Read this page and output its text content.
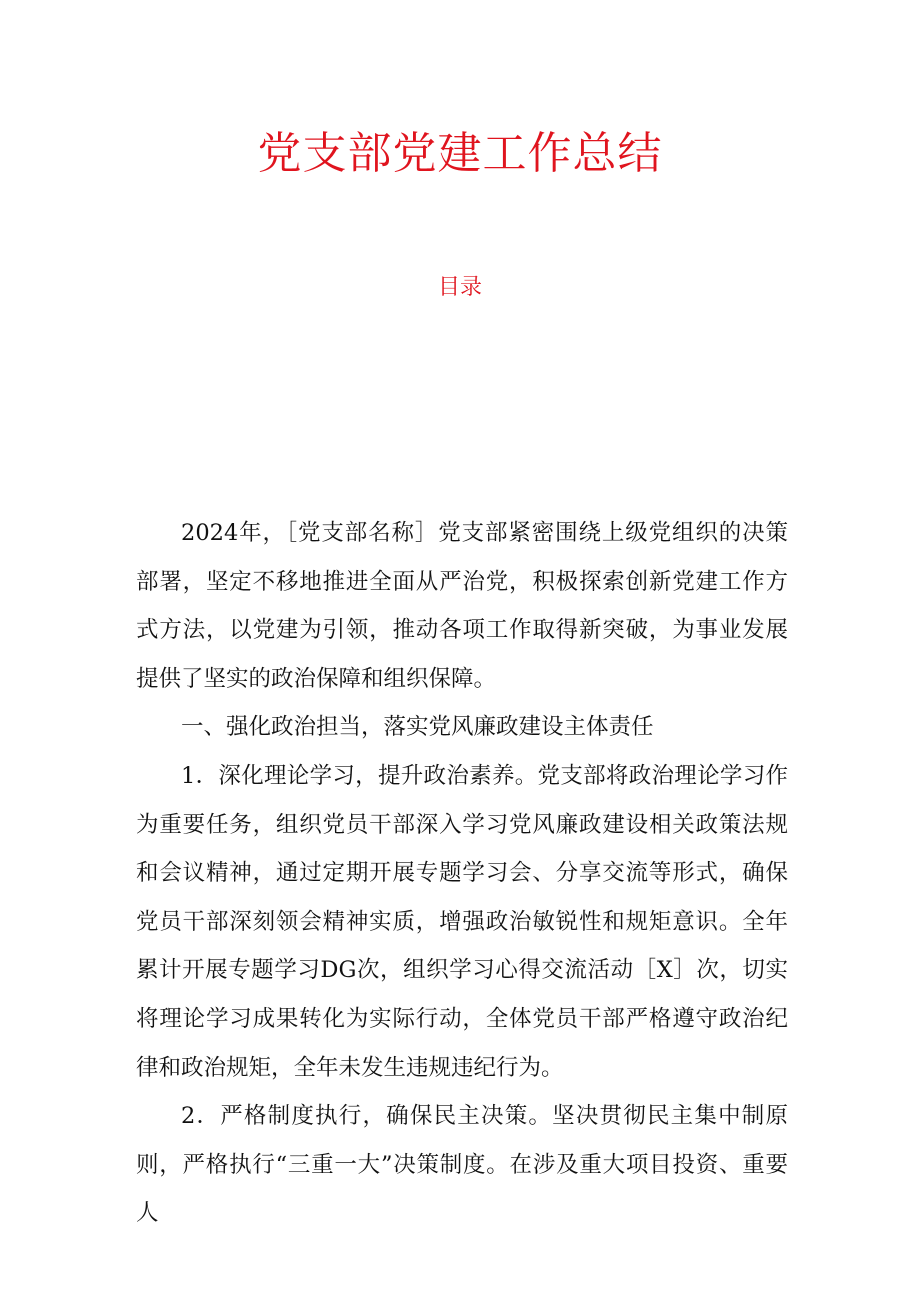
党支部党建工作总结
目录

2024年，［党支部名称］党支部紧密围绕上级党组织的决策部署，坚定不移地推进全面从严治党，积极探索创新党建工作方式方法，以党建为引领，推动各项工作取得新突破，为事业发展提供了坚实的政治保障和组织保障。

一、强化政治担当，落实党风廉政建设主体责任

1．深化理论学习，提升政治素养。党支部将政治理论学习作为重要任务，组织党员干部深入学习党风廉政建设相关政策法规和会议精神，通过定期开展专题学习会、分享交流等形式，确保党员干部深刻领会精神实质，增强政治敏锐性和规矩意识。全年累计开展专题学习DG次，组织学习心得交流活动［X］次，切实将理论学习成果转化为实际行动，全体党员干部严格遵守政治纪律和政治规矩，全年未发生违规违纪行为。

2．严格制度执行，确保民主决策。坚决贯彻民主集中制原则，严格执行“三重一大”决策制度。在涉及重大项目投资、重要人
